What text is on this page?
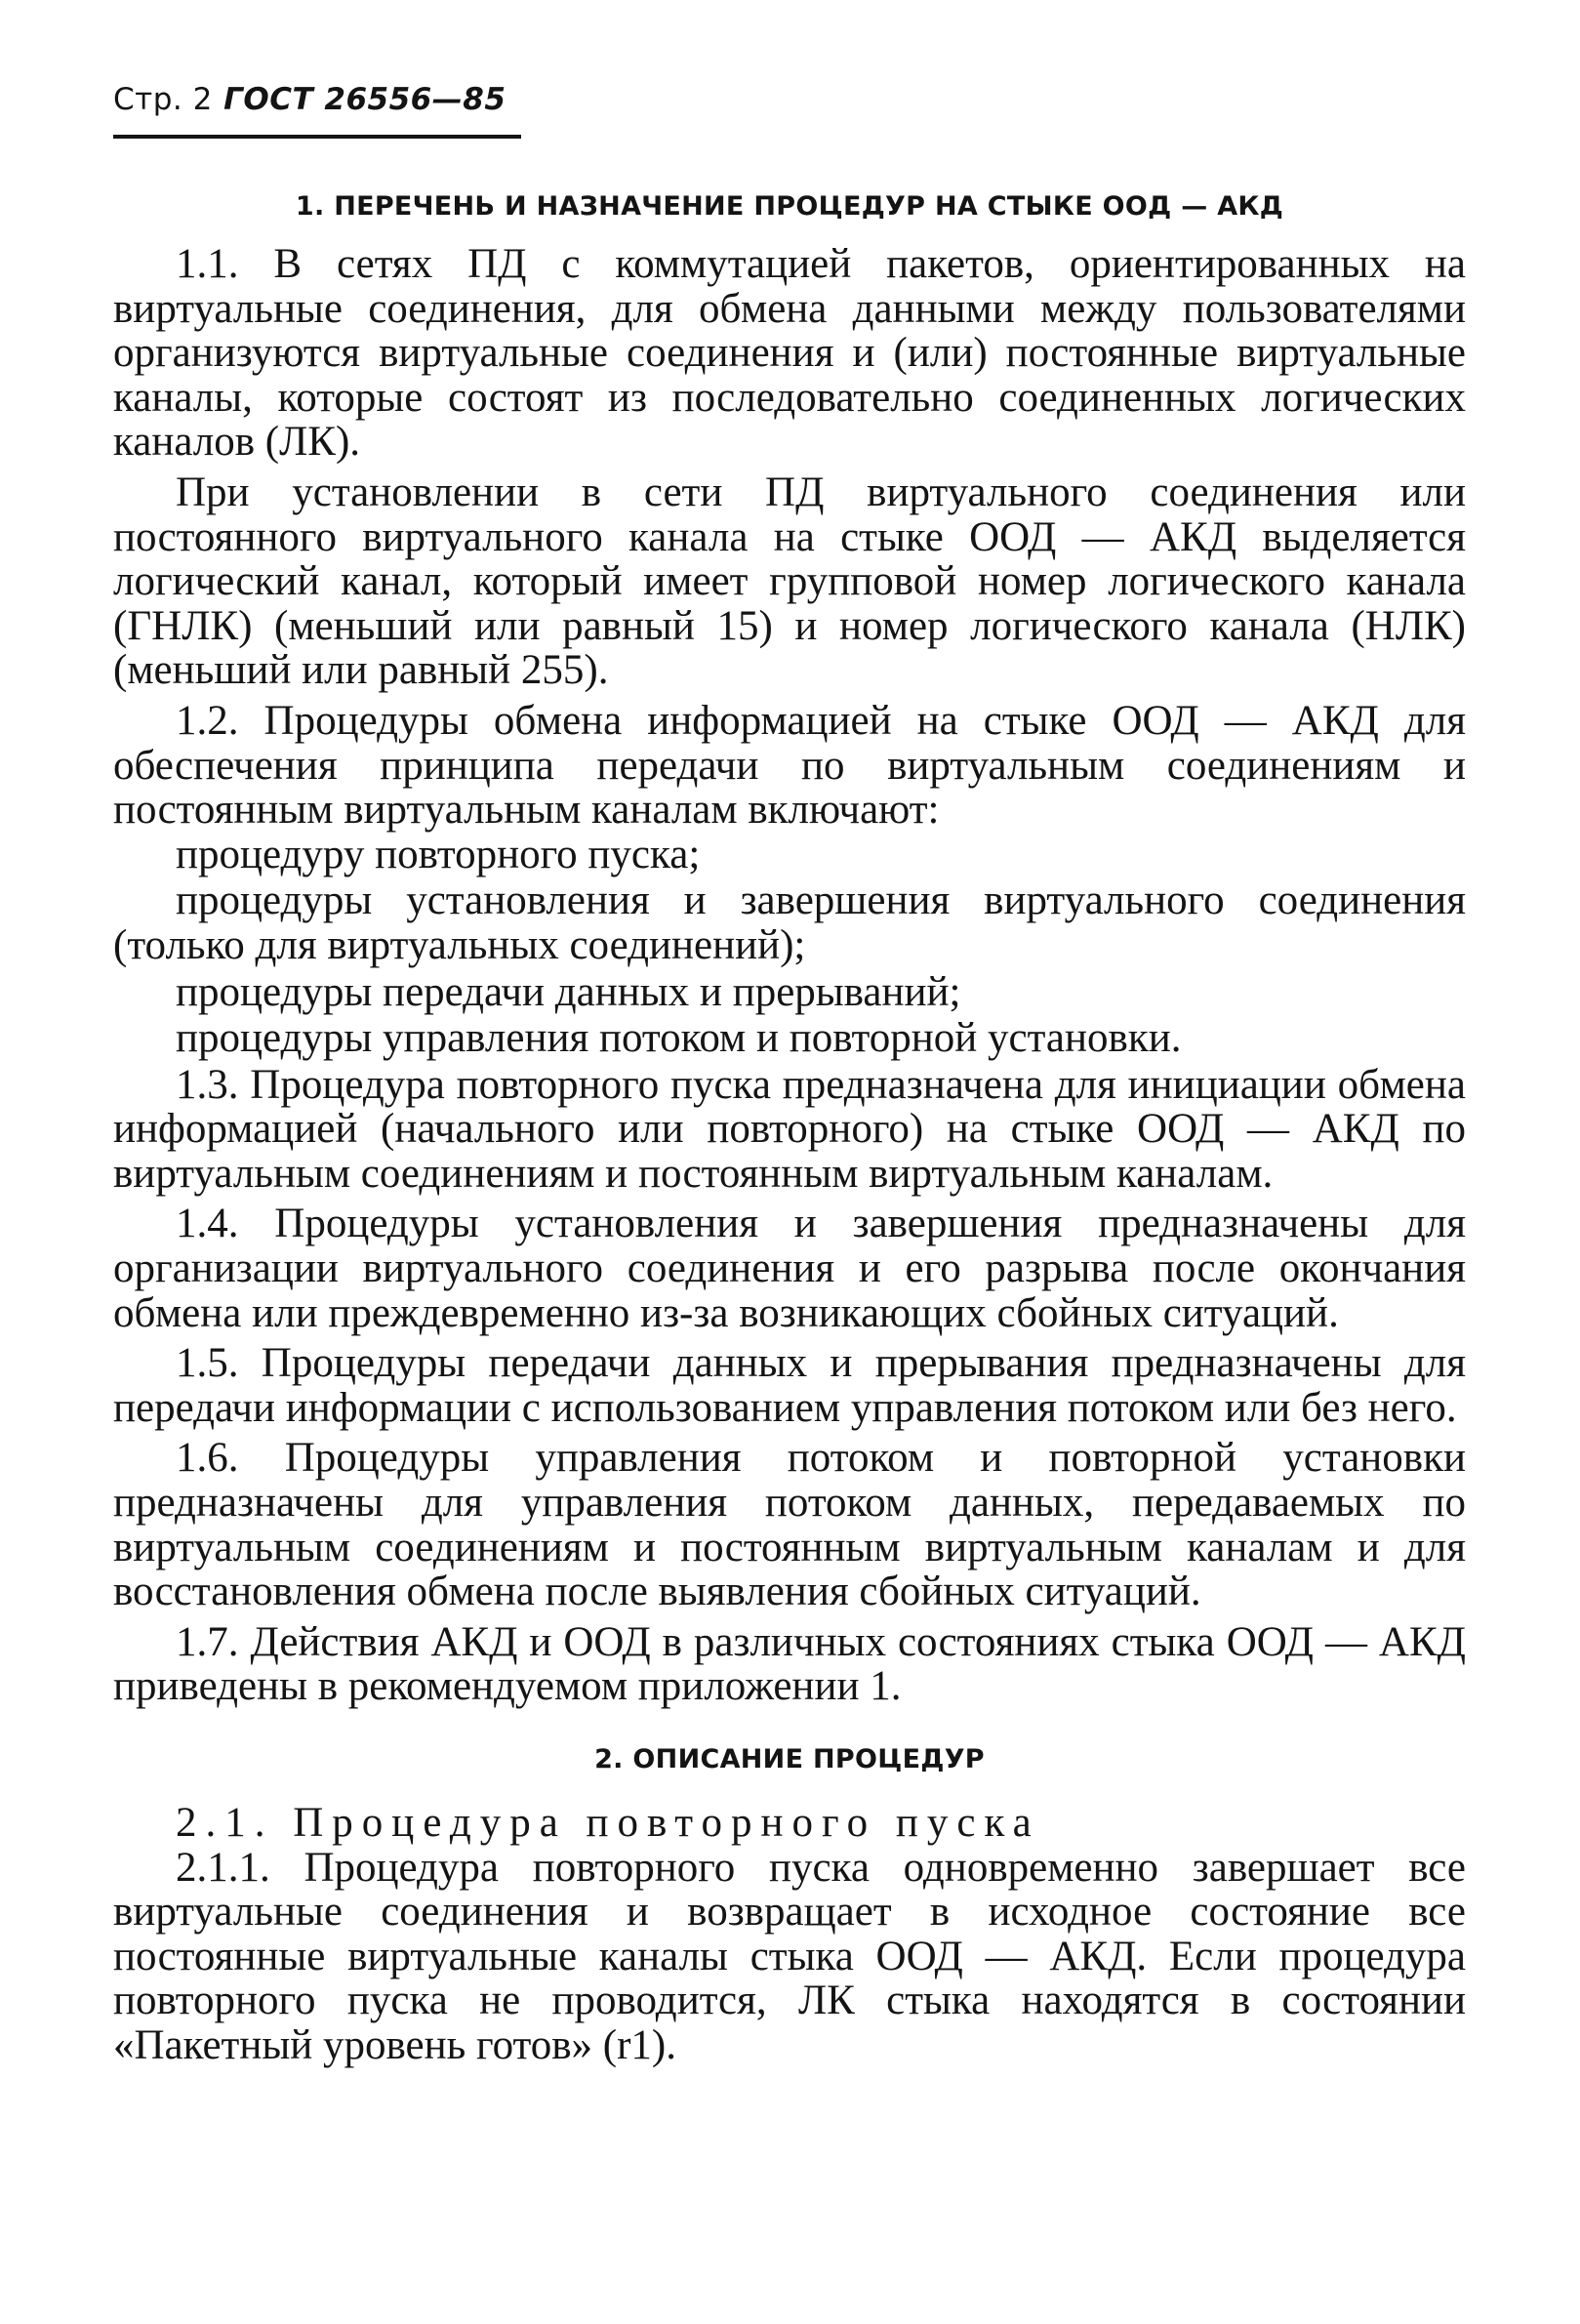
Стр. 2 ГОСТ 26556—85

1. ПЕРЕЧЕНЬ И НАЗНАЧЕНИЕ ПРОЦЕДУР НА СТЫКЕ ООД — АКД

1.1. В сетях ПД с коммутацией пакетов, ориентированных на виртуальные соединения, для обмена данными между пользователями организуются виртуальные соединения и (или) постоянные виртуальные каналы, которые состоят из последовательно соединенных логических каналов (ЛК).

При установлении в сети ПД виртуального соединения или постоянного виртуального канала на стыке ООД — АКД выделяется логический канал, который имеет групповой номер логического канала (ГНЛК) (меньший или равный 15) и номер логического канала (НЛК) (меньший или равный 255).

1.2. Процедуры обмена информацией на стыке ООД — АКД для обеспечения принципа передачи по виртуальным соединениям и постоянным виртуальным каналам включают:

процедуру повторного пуска;

процедуры установления и завершения виртуального соединения (только для виртуальных соединений);

процедуры передачи данных и прерываний;

процедуры управления потоком и повторной установки.

1.3. Процедура повторного пуска предназначена для инициации обмена информацией (начального или повторного) на стыке ООД — АКД по виртуальным соединениям и постоянным виртуальным каналам.

1.4. Процедуры установления и завершения предназначены для организации виртуального соединения и его разрыва после окончания обмена или преждевременно из-за возникающих сбойных ситуаций.

1.5. Процедуры передачи данных и прерывания предназначены для передачи информации с использованием управления потоком или без него.

1.6. Процедуры управления потоком и повторной установки предназначены для управления потоком данных, передаваемых по виртуальным соединениям и постоянным виртуальным каналам и для восстановления обмена после выявления сбойных ситуаций.

1.7. Действия АКД и ООД в различных состояниях стыка ООД — АКД приведены в рекомендуемом приложении 1.

2. ОПИСАНИЕ ПРОЦЕДУР

2.1. Процедура повторного пуска

2.1.1. Процедура повторного пуска одновременно завершает все виртуальные соединения и возвращает в исходное состояние все постоянные виртуальные каналы стыка ООД — АКД. Если процедура повторного пуска не проводится, ЛК стыка находятся в состоянии «Пакетный уровень готов» (r1).
